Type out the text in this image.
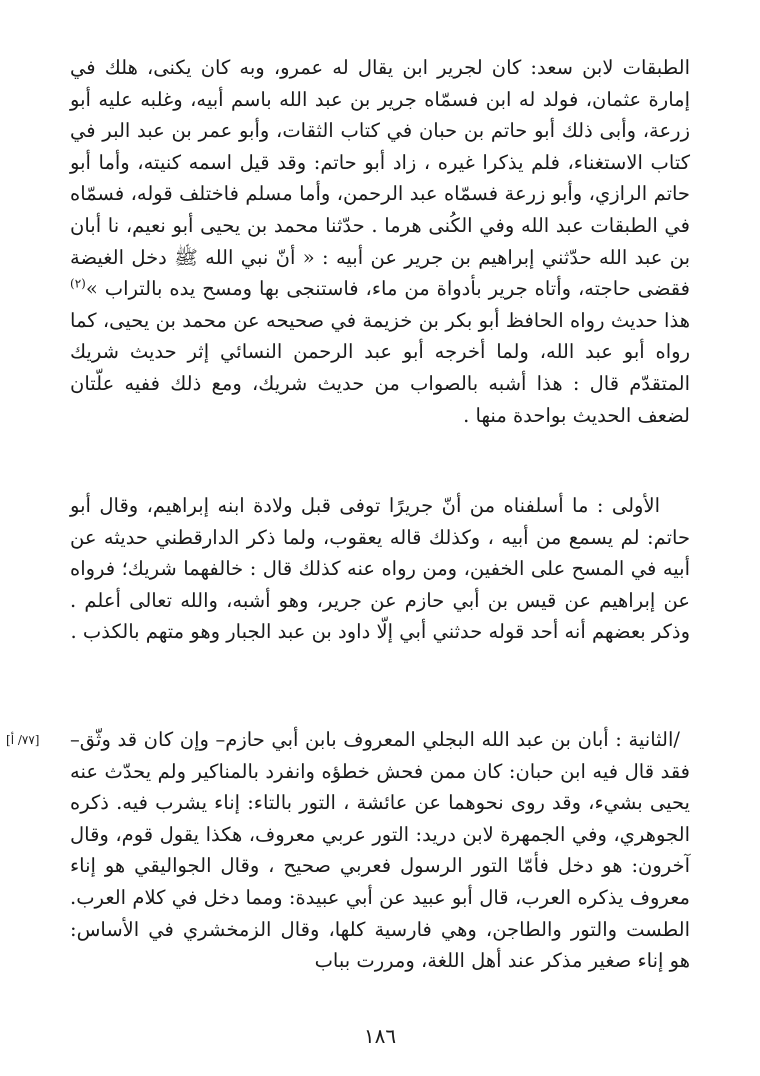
الطبقات لابن سعد: كان لجرير ابن يقال له عمرو، وبه كان يكنى، هلك في إمارة عثمان، فولد له ابن فسمّاه جرير بن عبد الله باسم أبيه، وغلبه عليه أبو زرعة، وأبى ذلك أبو حاتم بن حبان في كتاب الثقات، وأبو عمر بن عبد البر في كتاب الاستغناء، فلم يذكرا غيره ، زاد أبو حاتم: وقد قيل اسمه كنيته، وأما أبو حاتم الرازي، وأبو زرعة فسمّاه عبد الرحمن، وأما مسلم فاختلف قوله، فسمّاه في الطبقات عبد الله وفي الكُنى هرما . حدّثنا محمد بن يحيى أبو نعيم، نا أبان بن عبد الله حدّثني إبراهيم بن جرير عن أبيه : « أنّ نبي الله ﷺ دخل الغيضة فقضى حاجته، وأتاه جرير بأدواة من ماء، فاستنجى بها ومسح يده بالتراب »$^{(٢)}$ هذا حديث رواه الحافظ أبو بكر بن خزيمة في صحيحه عن محمد بن يحيى، كما رواه أبو عبد الله، ولما أخرجه أبو عبد الرحمن النسائي إثر حديث شريك المتقدّم قال : هذا أشبه بالصواب من حديث شريك، ومع ذلك ففيه علّتان لضعف الحديث بواحدة منها .

الأولى : ما أسلفناه من أنّ جريرًا توفى قبل ولادة ابنه إبراهيم، وقال أبو حاتم: لم يسمع من أبيه ، وكذلك قاله يعقوب، ولما ذكر الدارقطني حديثه عن أبيه في المسح على الخفين، ومن رواه عنه كذلك قال : خالفهما شريك؛ فرواه عن إبراهيم عن قيس بن أبي حازم عن جرير، وهو أشبه، والله تعالى أعلم . وذكر بعضهم أنه أحد قوله حدثني أبي إلّا داود بن عبد الجبار وهو متهم بالكذب .

[٧٧/ أ] /الثانية : أبان بن عبد الله البجلي المعروف بابن أبي حازم– وإن كان قد وثّق– فقد قال فيه ابن حبان: كان ممن فحش خطؤه وانفرد بالمناكير ولم يحدّث عنه يحيى بشيء، وقد روى نحوهما عن عائشة ، التور بالتاء: إناء يشرب فيه. ذكره الجوهري، وفي الجمهرة لابن دريد: التور عربي معروف، هكذا يقول قوم، وقال آخرون: هو دخل فأمّا التور الرسول فعربي صحيح ، وقال الجواليقي هو إناء معروف يذكره العرب، قال أبو عبيد عن أبي عبيدة: ومما دخل في كلام العرب. الطست والتور والطاجن، وهي فارسية كلها، وقال الزمخشري في الأساس: هو إناء صغير مذكر عند أهل اللغة، ومررت بباب

١٨٦
